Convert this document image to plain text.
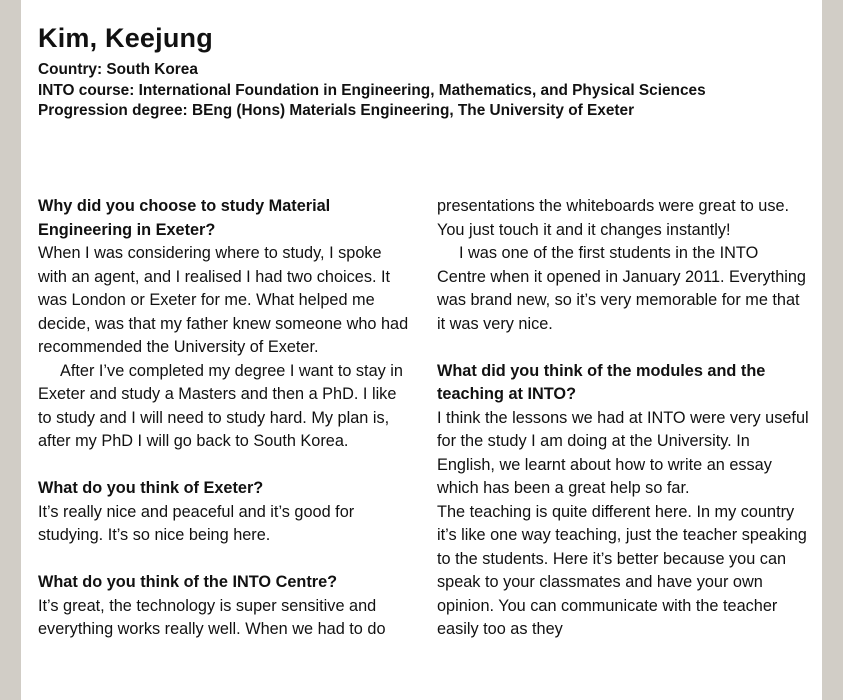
Kim, Keejung
Country: South Korea
INTO course: International Foundation in Engineering, Mathematics, and Physical Sciences
Progression degree: BEng (Hons) Materials Engineering, The University of Exeter

Why did you choose to study Material Engineering in Exeter?

When I was considering where to study, I spoke with an agent, and I realised I had two choices. It was London or Exeter for me. What helped me decide, was that my father knew someone who had recommended the University of Exeter.

After I’ve completed my degree I want to stay in Exeter and study a Masters and then a PhD. I like to study and I will need to study hard. My plan is, after my PhD I will go back to South Korea.

What do you think of Exeter?

It’s really nice and peaceful and it’s good for studying. It’s so nice being here.

What do you think of the INTO Centre?

It’s great, the technology is super sensitive and everything works really well. When we had to do

presentations the whiteboards were great to use. You just touch it and it changes instantly!

I was one of the first students in the INTO Centre when it opened in January 2011. Everything was brand new, so it’s very memorable for me that it was very nice.

What did you think of the modules and the teaching at INTO?

I think the lessons we had at INTO were very useful for the study I am doing at the University. In English, we learnt about how to write an essay which has been a great help so far.

The teaching is quite different here. In my country it’s like one way teaching, just the teacher speaking to the students. Here it’s better because you can speak to your classmates and have your own opinion. You can communicate with the teacher easily too as they
